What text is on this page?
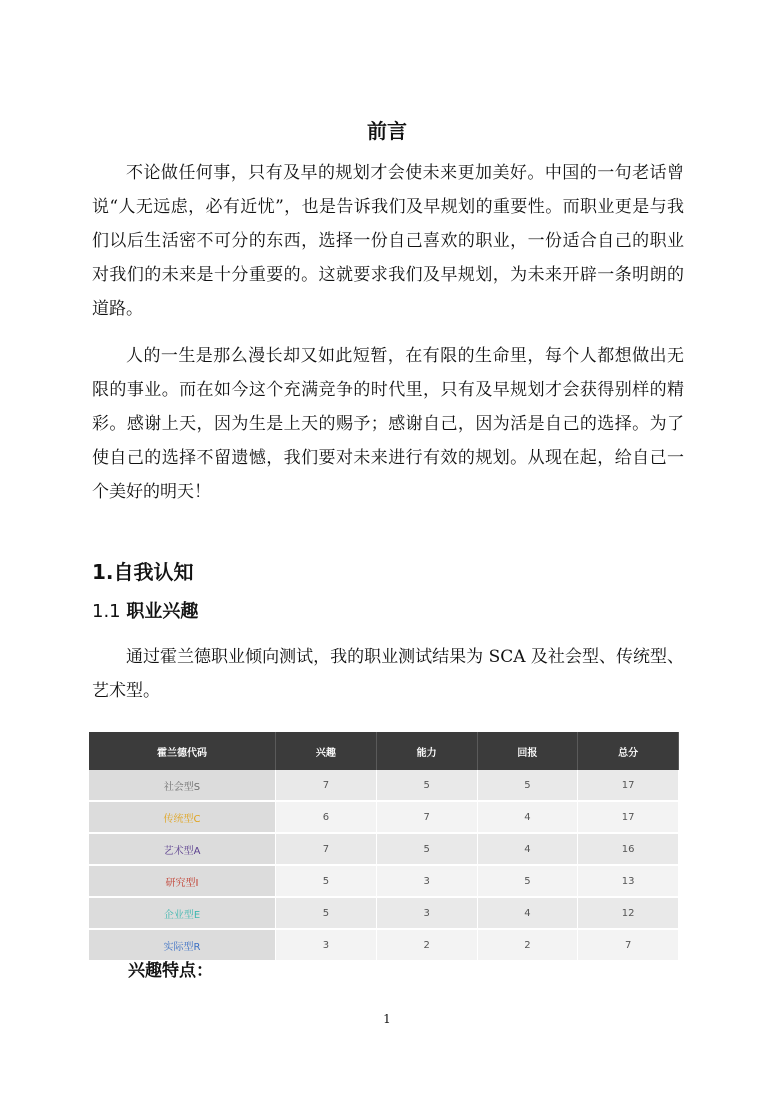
前言

不论做任何事，只有及早的规划才会使未来更加美好。中国的一句老话曾说“人无远虑，必有近忧”，也是告诉我们及早规划的重要性。而职业更是与我们以后生活密不可分的东西，选择一份自己喜欢的职业，一份适合自己的职业对我们的未来是十分重要的。这就要求我们及早规划，为未来开辟一条明朗的道路。

人的一生是那么漫长却又如此短暂，在有限的生命里，每个人都想做出无限的事业。而在如今这个充满竞争的时代里，只有及早规划才会获得别样的精彩。感谢上天，因为生是上天的赐予；感谢自己，因为活是自己的选择。为了使自己的选择不留遗憾，我们要对未来进行有效的规划。从现在起，给自己一个美好的明天！

1.自我认知
1.1 职业兴趣

通过霍兰德职业倾向测试，我的职业测试结果为 SCA 及社会型、传统型、艺术型。

霍兰德代码	兴趣	能力	回报	总分
社会型S	7	5	5	17
传统型C	6	7	4	17
艺术型A	7	5	4	16
研究型I	5	3	5	13
企业型E	5	3	4	12
实际型R	3	2	2	7
兴趣特点：
1
